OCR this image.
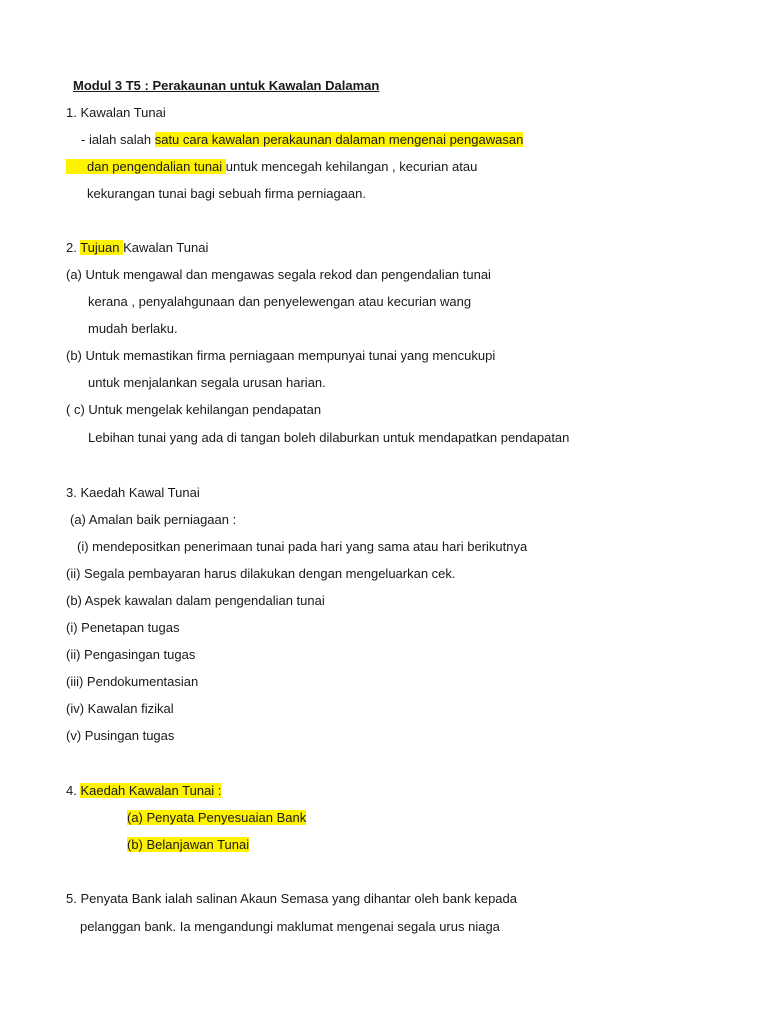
Modul 3 T5 : Perakaunan untuk Kawalan Dalaman
1. Kawalan Tunai
- ialah salah satu cara kawalan perakaunan dalaman mengenai pengawasan
dan pengendalian tunai untuk mencegah kehilangan , kecurian atau
kekurangan tunai bagi sebuah firma perniagaan.
2. Tujuan Kawalan Tunai
(a) Untuk mengawal dan mengawas segala rekod dan pengendalian tunai
kerana , penyalahgunaan dan penyelewengan atau kecurian wang
mudah berlaku.
(b) Untuk memastikan firma perniagaan mempunyai tunai yang mencukupi
untuk menjalankan segala urusan harian.
( c) Untuk mengelak kehilangan pendapatan
Lebihan tunai yang ada di tangan boleh dilaburkan untuk mendapatkan pendapatan
3. Kaedah Kawal Tunai
(a) Amalan baik perniagaan :
(i) mendepositkan penerimaan tunai pada hari yang sama atau hari berikutnya
(ii) Segala pembayaran harus dilakukan dengan mengeluarkan cek.
(b) Aspek kawalan dalam pengendalian tunai
(i) Penetapan tugas
(ii) Pengasingan tugas
(iii) Pendokumentasian
(iv) Kawalan fizikal
(v) Pusingan tugas
4. Kaedah Kawalan Tunai :
(a) Penyata Penyesuaian Bank
(b) Belanjawan Tunai
5. Penyata Bank ialah salinan Akaun Semasa yang dihantar oleh bank kepada
pelanggan bank. Ia mengandungi maklumat mengenai segala urus niaga
